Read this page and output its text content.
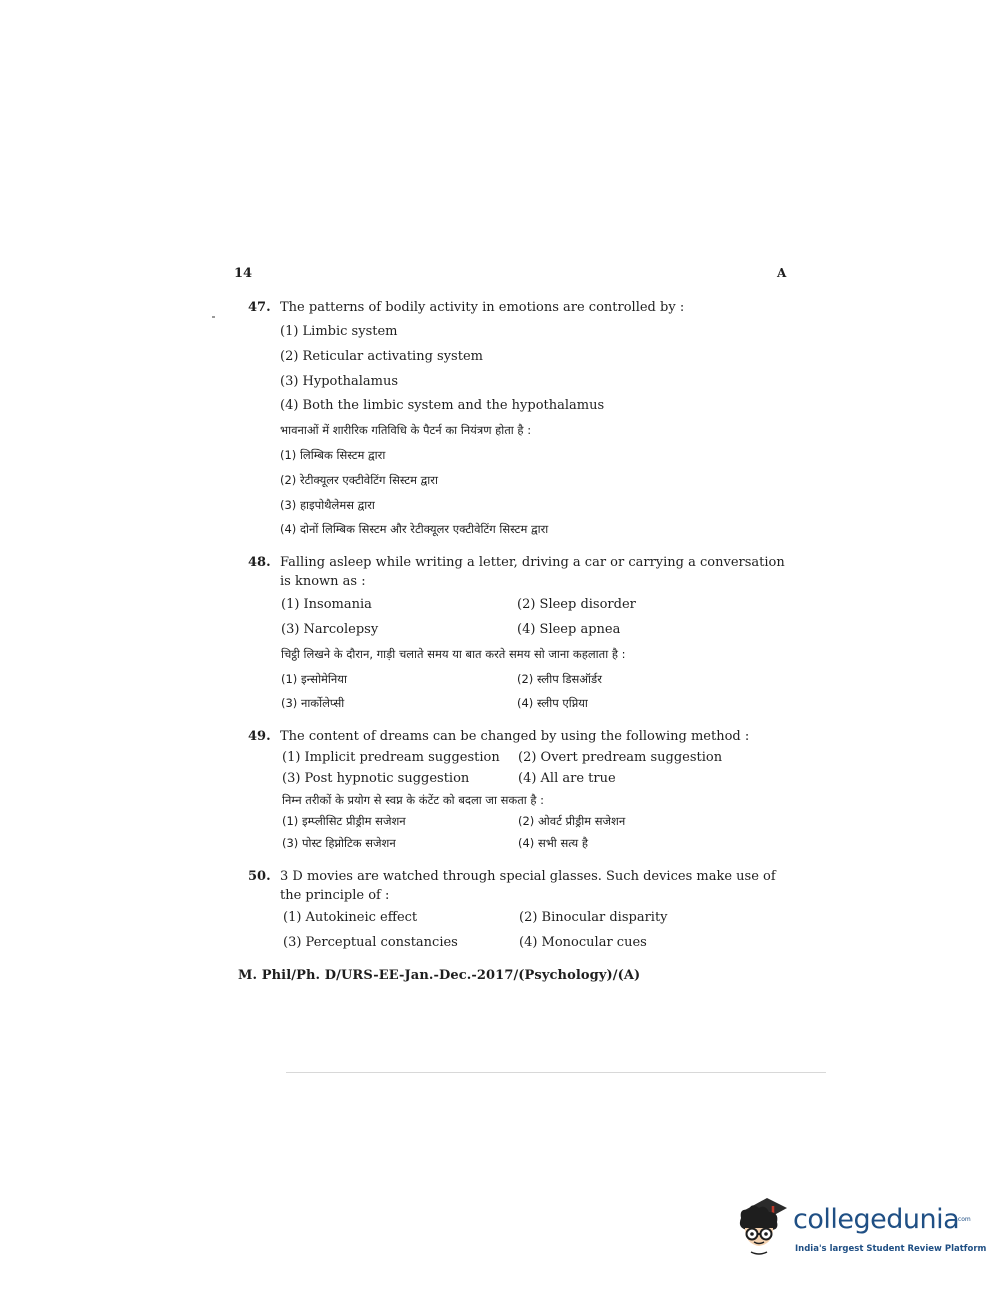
14	A
47. The patterns of bodily activity in emotions are controlled by :
(1) Limbic system
(2) Reticular activating system
(3) Hypothalamus
(4) Both the limbic system and the hypothalamus
भावनाओं में शारीरिक गतिविधि के पैटर्न का नियंत्रण होता है :
(1) लिम्बिक सिस्टम द्वारा
(2) रेटीक्यूलर एक्टीवेटिंग सिस्टम द्वारा
(3) हाइपोथैलेमस द्वारा
(4) दोनों लिम्बिक सिस्टम और रेटीक्यूलर एक्टीवेटिंग सिस्टम द्वारा
48. Falling asleep while writing a letter, driving a car or carrying a conversation is known as :
(1) Insomania	(2) Sleep disorder
(3) Narcolepsy	(4) Sleep apnea
चिट्ठी लिखने के दौरान, गाड़ी चलाते समय या बात करते समय सो जाना कहलाता है :
(1) इन्सोमेनिया	(2) स्लीप डिसऑर्डर
(3) नार्कोलेप्सी	(4) स्लीप एप्निया
49. The content of dreams can be changed by using the following method :
(1) Implicit predream suggestion (2) Overt predream suggestion
(3) Post hypnotic suggestion	(4) All are true
निम्न तरीकों के प्रयोग से स्वप्न के कंटेंट को बदला जा सकता है :
(1) इम्प्लीसिट प्रीड्रीम सजेशन	(2) ओवर्ट प्रीड्रीम सजेशन
(3) पोस्ट हिप्नोटिक सजेशन	(4) सभी सत्य है
50. 3 D movies are watched through special glasses. Such devices make use of the principle of :
(1) Autokineic effect	(2) Binocular disparity
(3) Perceptual constancies	(4) Monocular cues
M. Phil/Ph. D/URS-EE-Jan.-Dec.-2017/(Psychology)/(A)
collegedunia
.com
India's largest Student Review Platform
